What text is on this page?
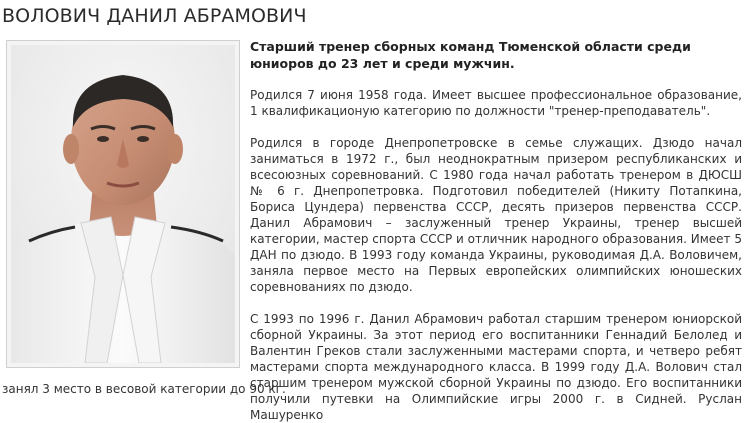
ВОЛОВИЧ ДАНИЛ АБРАМОВИЧ

Старший тренер сборных команд Тюменской области среди юниоров до 23 лет и среди мужчин.

Родился 7 июня 1958 года. Имеет высшее профессиональное образование, 1 квалификационую категорию по должности "тренер-преподаватель".

Родился в городе Днепропетровске в семье служащих. Дзюдо начал заниматься в 1972 г., был неоднократным призером республиканских и всесоюзных соревнований. С 1980 года начал работать тренером в ДЮСШ № 6 г. Днепропетровка. Подготовил победителей (Никиту Потапкина, Бориса Цундера) первенства СССР, десять призеров первенства СССР. Данил Абрамович – заслуженный тренер Украины, тренер высшей категории, мастер спорта СССР и отличник народного образования. Имеет 5 ДАН по дзюдо. В 1993 году команда Украины, руководимая Д.А. Воловичем, заняла первое место на Первых европейских олимпийских юношеских соревнованиях по дзюдо.

С 1993 по 1996 г. Данил Абрамович работал старшим тренером юниорской сборной Украины. За этот период его воспитанники Геннадий Белолед и Валентин Греков стали заслуженными мастерами спорта, и четверо ребят мастерами спорта международного класса. В 1999 году Д.А. Волович стал старшим тренером мужской сборной Украины по дзюдо. Его воспитанники получили путевки на Олимпийские игры 2000 г. в Сидней. Руслан Машуренко

занял 3 место в весовой категории до 90 кг.
